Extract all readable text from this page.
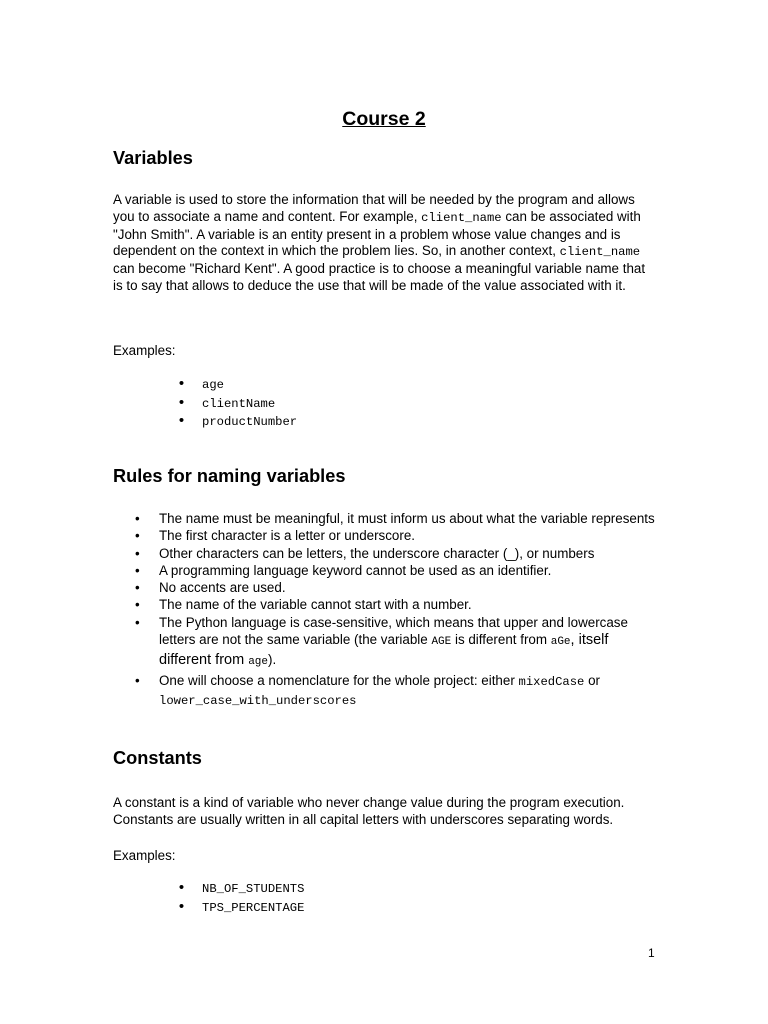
Course 2
Variables

A variable is used to store the information that will be needed by the program and allows you to associate a name and content. For example, client_name can be associated with "John Smith". A variable is an entity present in a problem whose value changes and is dependent on the context in which the problem lies. So, in another context, client_name can become "Richard Kent". A good practice is to choose a meaningful variable name that is to say that allows to deduce the use that will be made of the value associated with it.

Examples:

• age
• clientName
• productNumber
Rules for naming variables
• The name must be meaningful, it must inform us about what the variable represents
• The first character is a letter or underscore.
• Other characters can be letters, the underscore character (_), or numbers
• A programming language keyword cannot be used as an identifier.
• No accents are used.
• The name of the variable cannot start with a number.
• The Python language is case-sensitive, which means that upper and lowercase letters are not the same variable (the variable AGE is different from aGe, itself different from age).
• One will choose a nomenclature for the whole project: either mixedCase or lower_case_with_underscores
Constants

A constant is a kind of variable who never change value during the program execution. Constants are usually written in all capital letters with underscores separating words.

Examples:

• NB_OF_STUDENTS
• TPS_PERCENTAGE
1
